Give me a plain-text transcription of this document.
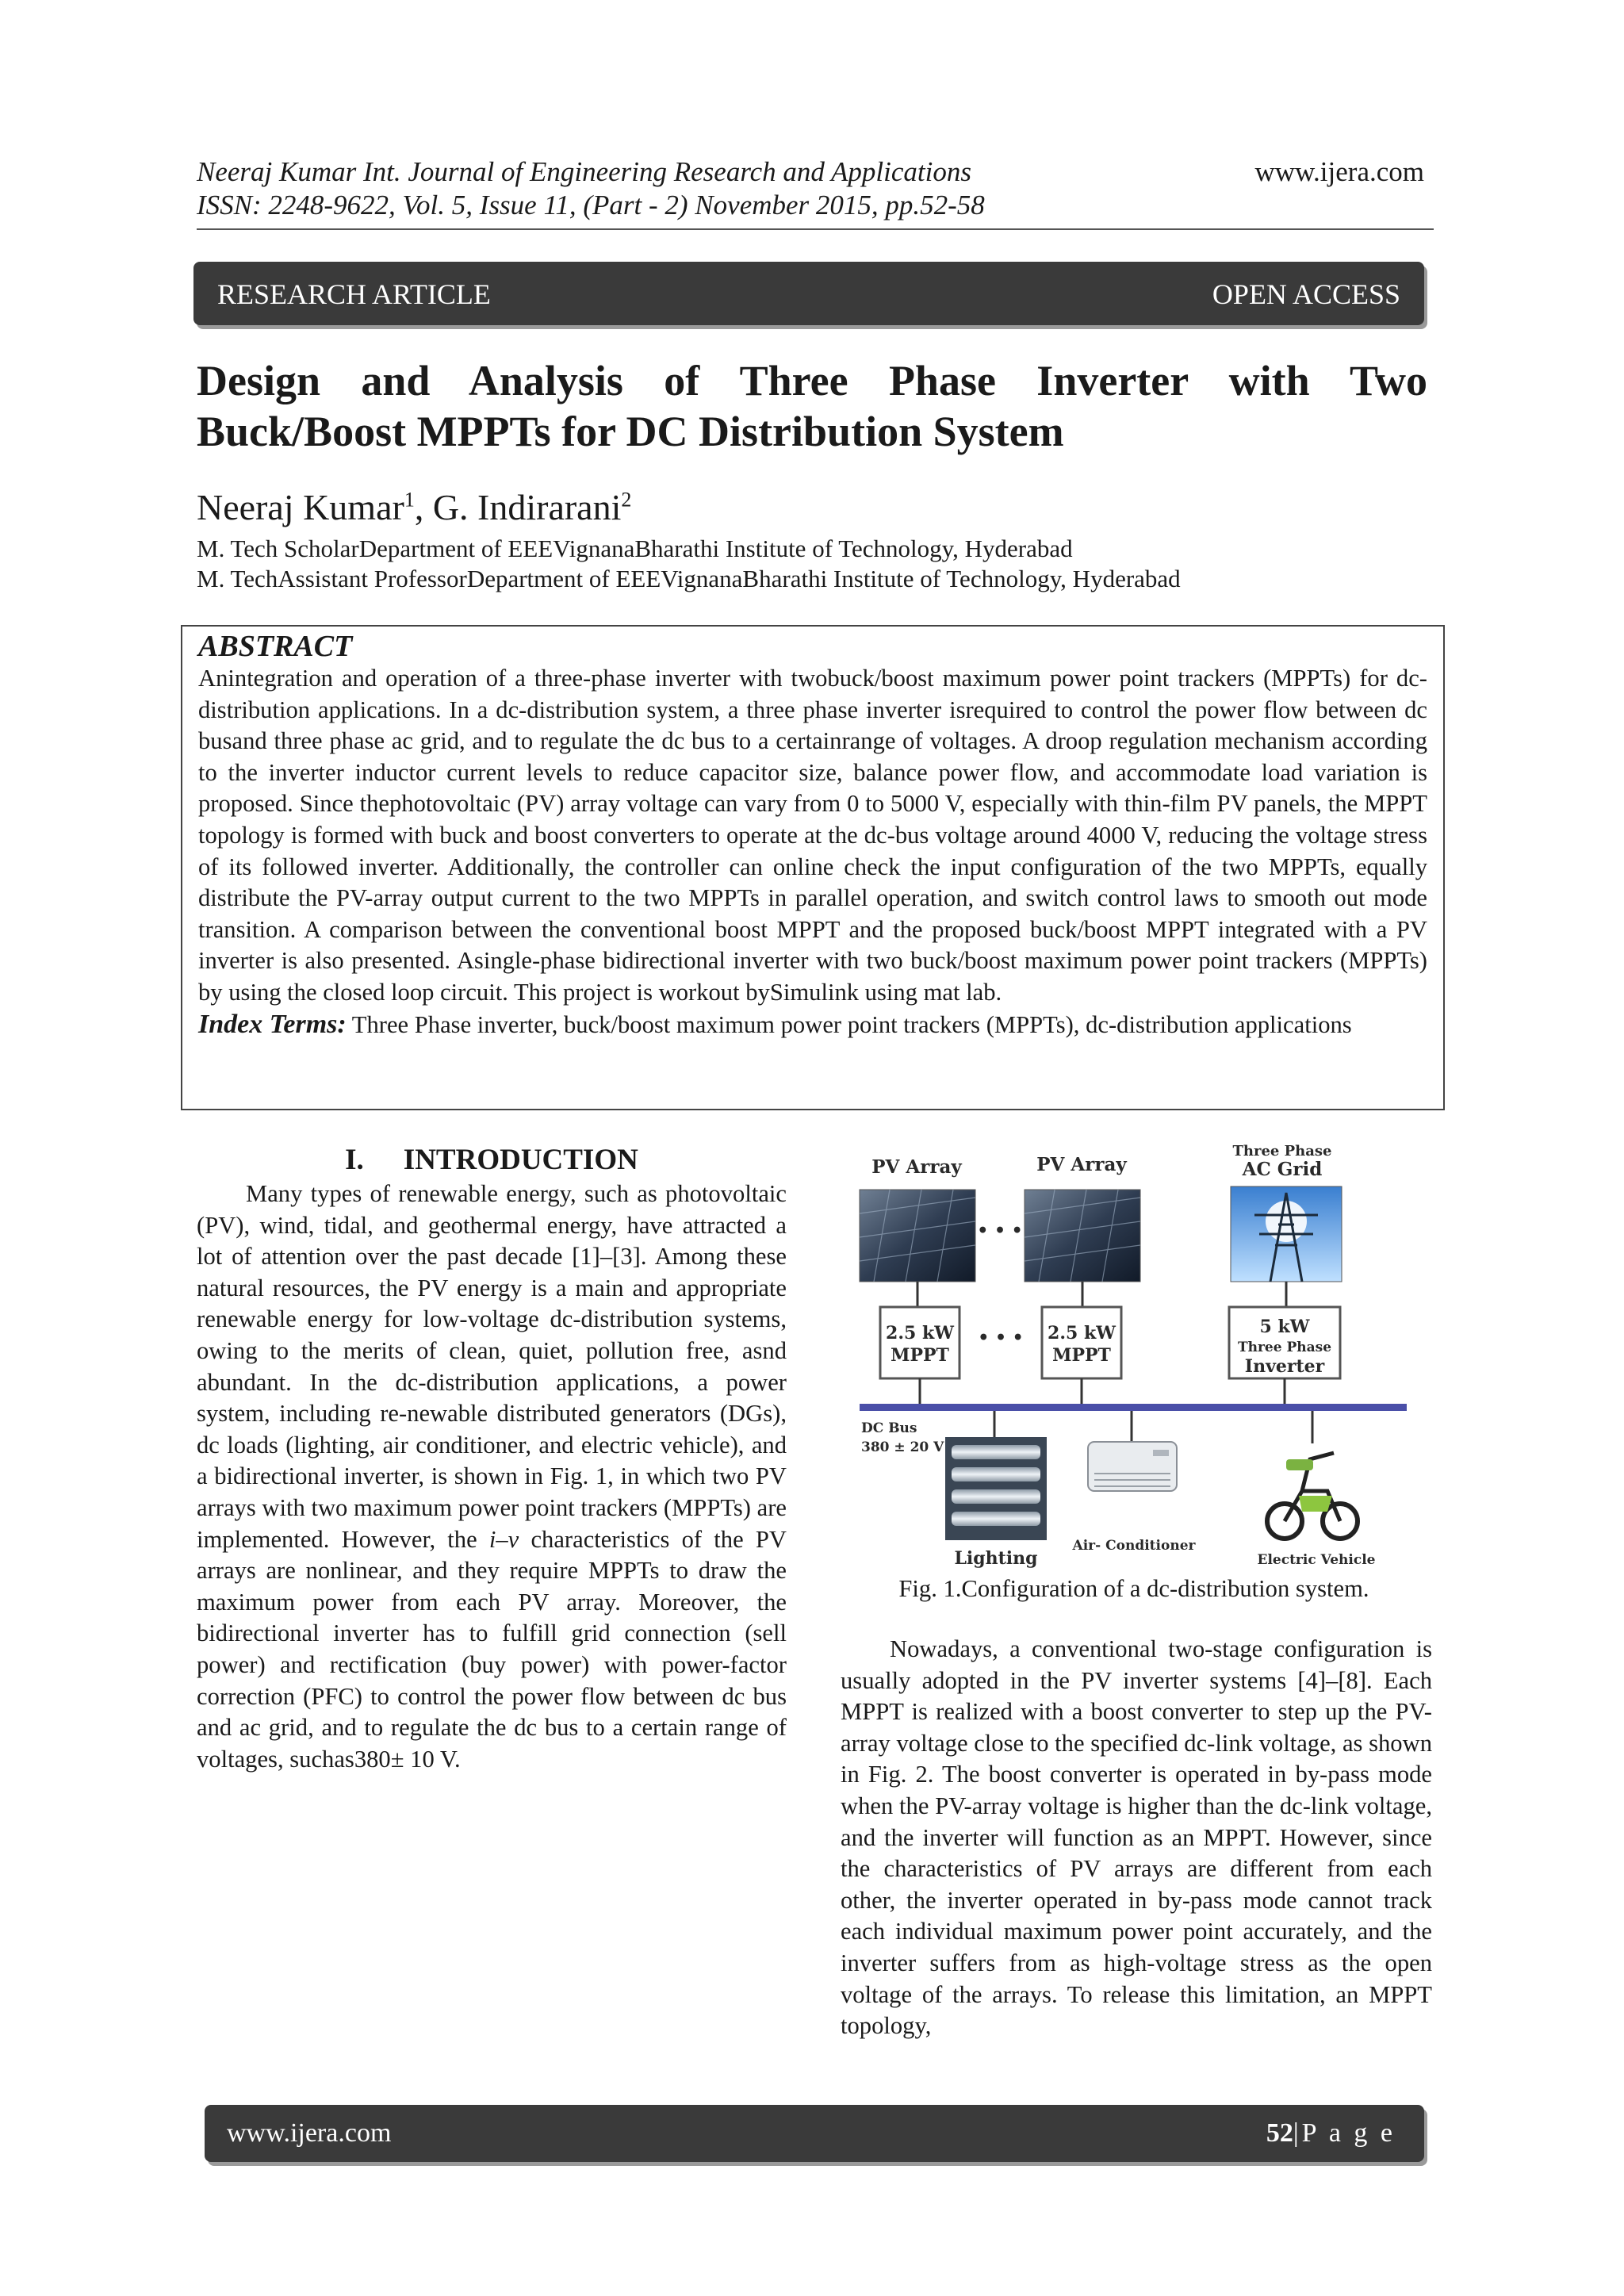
Neeraj Kumar Int. Journal of Engineering Research and Applications
ISSN: 2248-9622, Vol. 5, Issue 11, (Part - 2) November 2015, pp.52-58
www.ijera.com
RESEARCH ARTICLE	OPEN ACCESS
Design and Analysis of Three Phase Inverter with Two
Buck/Boost MPPTs for DC Distribution System
Neeraj Kumar$^1$, G. Indirarani$^2$
M. Tech ScholarDepartment of EEEVignanaBharathi Institute of Technology, Hyderabad
M. TechAssistant ProfessorDepartment of EEEVignanaBharathi Institute of Technology, Hyderabad
ABSTRACT
Anintegration and operation of a three-phase inverter with twobuck/boost maximum power point trackers (MPPTs) for dc-distribution applications. In a dc-distribution system, a three phase inverter isrequired to control the power flow between dc busand three phase ac grid, and to regulate the dc bus to a certainrange of voltages. A droop regulation mechanism according to the inverter inductor current levels to reduce capacitor size, balance power flow, and accommodate load variation is proposed. Since thephotovoltaic (PV) array voltage can vary from 0 to 5000 V, especially with thin-film PV panels, the MPPT topology is formed with buck and boost converters to operate at the dc-bus voltage around 4000 V, reducing the voltage stress of its followed inverter. Additionally, the controller can online check the input configuration of the two MPPTs, equally distribute the PV-array output current to the two MPPTs in parallel operation, and switch control laws to smooth out mode transition. A comparison between the conventional boost MPPT and the proposed buck/boost MPPT integrated with a PV inverter is also presented. Asingle-phase bidirectional inverter with two buck/boost maximum power point trackers (MPPTs) by using the closed loop circuit. This project is workout bySimulink using mat lab.
Index Terms: Three Phase inverter, buck/boost maximum power point trackers (MPPTs), dc-distribution applications
I. INTRODUCTION

Many types of renewable energy, such as photovoltaic (PV), wind, tidal, and geothermal energy, have attracted a lot of attention over the past decade [1]–[3]. Among these natural resources, the PV energy is a main and appropriate renewable energy for low-voltage dc-distribution systems, owing to the merits of clean, quiet, pollution free, asnd abundant. In the dc-distribution applications, a power system, including re-newable distributed generators (DGs), dc loads (lighting, air conditioner, and electric vehicle), and a bidirectional inverter, is shown in Fig. 1, in which two PV arrays with two maximum power point trackers (MPPTs) are implemented. However, the i–v characteristics of the PV arrays are nonlinear, and they require MPPTs to draw the maximum power from each PV array. Moreover, the bidirectional inverter has to fulfill grid connection (sell power) and rectification (buy power) with power-factor correction (PFC) to control the power flow between dc bus and ac grid, and to regulate the dc bus to a certain range of voltages, suchas380± 10 V.

PV Array	PV Array
Three Phase
AC Grid
• • •
2.5 kW
MPPT
• • • 2.5 kW
MPPT
5 kW
Three Phase
Inverter
DC Bus
380 ± 20 V
Lighting
Air- Conditioner
Electric Vehicle
Fig. 1.Configuration of a dc-distribution system.

Nowadays, a conventional two-stage configuration is usually adopted in the PV inverter systems [4]–[8]. Each MPPT is realized with a boost converter to step up the PV-array voltage close to the specified dc-link voltage, as shown in Fig. 2. The boost converter is operated in by-pass mode when the PV-array voltage is higher than the dc-link voltage, and the inverter will function as an MPPT. However, since the characteristics of PV arrays are different from each other, the inverter operated in by-pass mode cannot track each individual maximum power point accurately, and the inverter suffers from as high-voltage stress as the open voltage of the arrays. To release this limitation, an MPPT topology,

www.ijera.com	52|P a g e
